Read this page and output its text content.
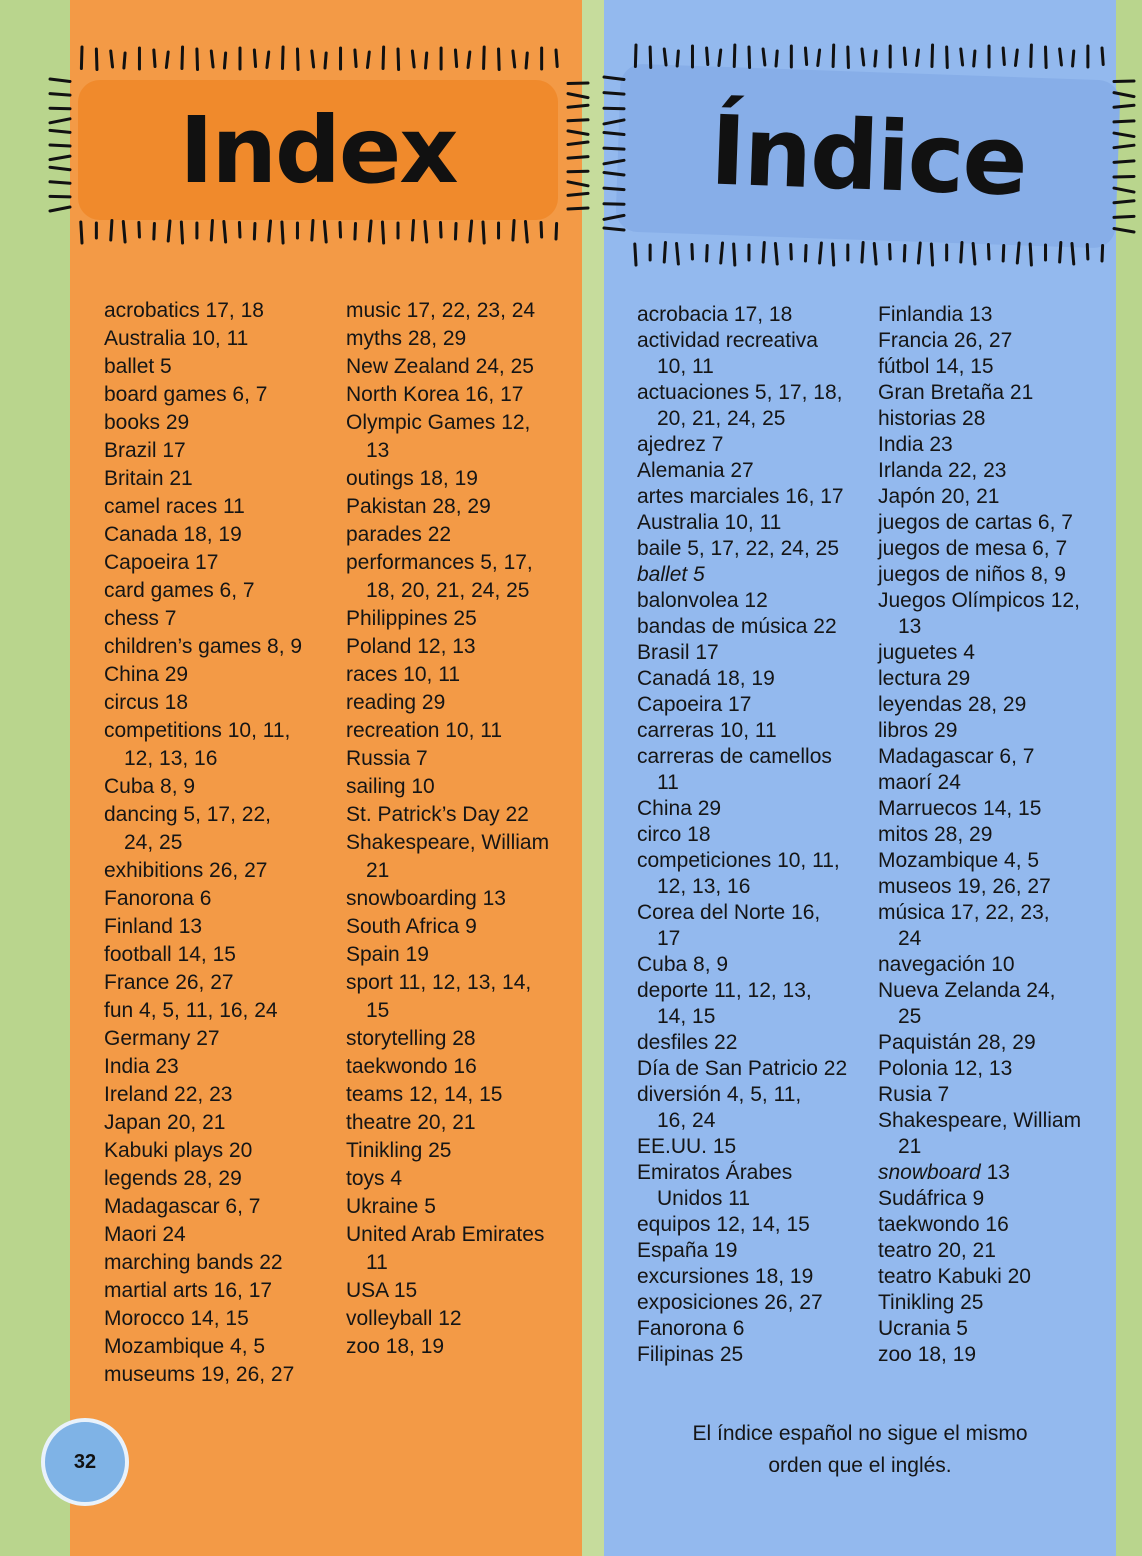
Index	Índice
acrobatics 17, 18
Australia 10, 11
ballet 5
board games 6, 7
books 29
Brazil 17
Britain 21
camel races 11
Canada 18, 19
Capoeira 17
card games 6, 7
chess 7
children’s games 8, 9
China 29
circus 18
competitions 10, 11,
12, 13, 16
Cuba 8, 9
dancing 5, 17, 22,
24, 25
exhibitions 26, 27
Fanorona 6
Finland 13
football 14, 15
France 26, 27
fun 4, 5, 11, 16, 24
Germany 27
India 23
Ireland 22, 23
Japan 20, 21
Kabuki plays 20
legends 28, 29
Madagascar 6, 7
Maori 24
marching bands 22
martial arts 16, 17
Morocco 14, 15
Mozambique 4, 5
museums 19, 26, 27
music 17, 22, 23, 24
myths 28, 29
New Zealand 24, 25
North Korea 16, 17
Olympic Games 12,
13
outings 18, 19
Pakistan 28, 29
parades 22
performances 5, 17,
18, 20, 21, 24, 25
Philippines 25
Poland 12, 13
races 10, 11
reading 29
recreation 10, 11
Russia 7
sailing 10
St. Patrick’s Day 22
Shakespeare, William
21
snowboarding 13
South Africa 9
Spain 19
sport 11, 12, 13, 14,
15
storytelling 28
taekwondo 16
teams 12, 14, 15
theatre 20, 21
Tinikling 25
toys 4
Ukraine 5
United Arab Emirates
11
USA 15
volleyball 12
zoo 18, 19
acrobacia 17, 18
actividad recreativa
10, 11
actuaciones 5, 17, 18,
20, 21, 24, 25
ajedrez 7
Alemania 27
artes marciales 16, 17
Australia 10, 11
baile 5, 17, 22, 24, 25
ballet 5
balonvolea 12
bandas de música 22
Brasil 17
Canadá 18, 19
Capoeira 17
carreras 10, 11
carreras de camellos
11
China 29
circo 18
competiciones 10, 11,
12, 13, 16
Corea del Norte 16,
17
Cuba 8, 9
deporte 11, 12, 13,
14, 15
desfiles 22
Día de San Patricio 22
diversión 4, 5, 11,
16, 24
EE.UU. 15
Emiratos Árabes
Unidos 11
equipos 12, 14, 15
España 19
excursiones 18, 19
exposiciones 26, 27
Fanorona 6
Filipinas 25
Finlandia 13
Francia 26, 27
fútbol 14, 15
Gran Bretaña 21
historias 28
India 23
Irlanda 22, 23
Japón 20, 21
juegos de cartas 6, 7
juegos de mesa 6, 7
juegos de niños 8, 9
Juegos Olímpicos 12,
13
juguetes 4
lectura 29
leyendas 28, 29
libros 29
Madagascar 6, 7
maorí 24
Marruecos 14, 15
mitos 28, 29
Mozambique 4, 5
museos 19, 26, 27
música 17, 22, 23,
24
navegación 10
Nueva Zelanda 24,
25
Paquistán 28, 29
Polonia 12, 13
Rusia 7
Shakespeare, William
21
snowboard 13
Sudáfrica 9
taekwondo 16
teatro 20, 21
teatro Kabuki 20
Tinikling 25
Ucrania 5
zoo 18, 19
El índice español no sigue el mismo
orden que el inglés.
32
